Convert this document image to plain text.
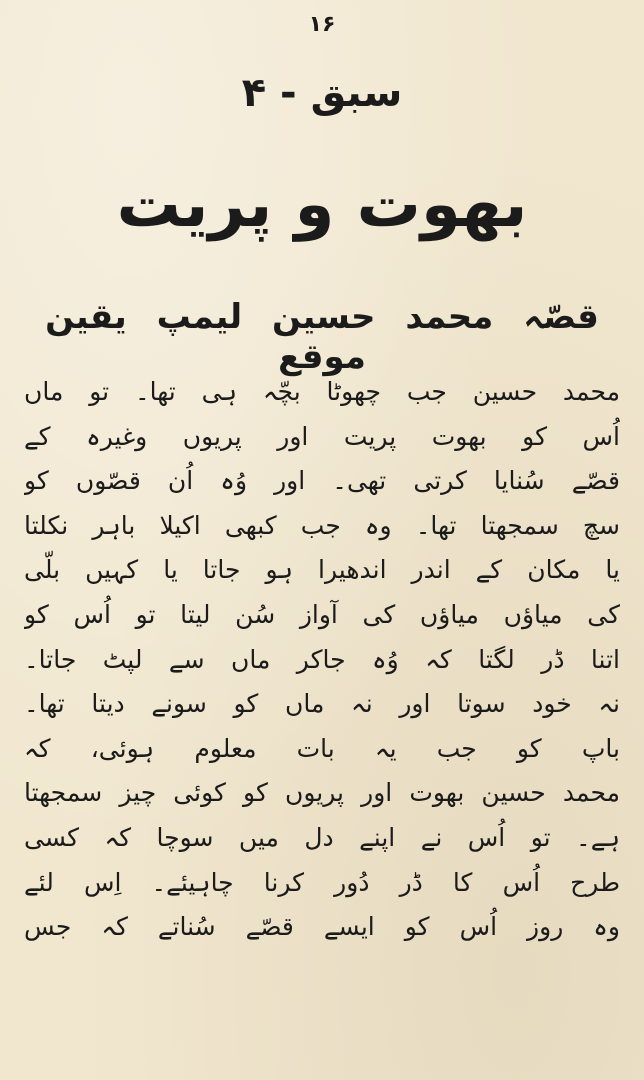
۱۶
سبق - ۴
بھوت و پریت
قصّہ محمد حسین لیمپ یقین موقع
محمد حسین جب چھوٹا بچّہ ہی تھا۔ تو ماں
اُس کو بھوت پریت اور پریوں وغیرہ کے
قصّے سُنایا کرتی تھی۔ اور وُہ اُن قصّوں کو
سچ سمجھتا تھا۔ وہ جب کبھی اکیلا باہر نکلتا
یا مکان کے اندر اندھیرا ہو جاتا یا کہیں بلّی
کی میاؤں میاؤں کی آواز سُن لیتا تو اُس کو
اتنا ڈر لگتا کہ وُہ جاکر ماں سے لپٹ جاتا۔
نہ خود سوتا اور نہ ماں کو سونے دیتا تھا۔
باپ کو جب یہ بات معلوم ہوئی، کہ
محمد حسین بھوت اور پریوں کو کوئی چیز سمجھتا
ہے۔ تو اُس نے اپنے دل میں سوچا کہ کسی
طرح اُس کا ڈر دُور کرنا چاہیئے۔ اِس لئے
وہ روز اُس کو ایسے قصّے سُناتے کہ جس
